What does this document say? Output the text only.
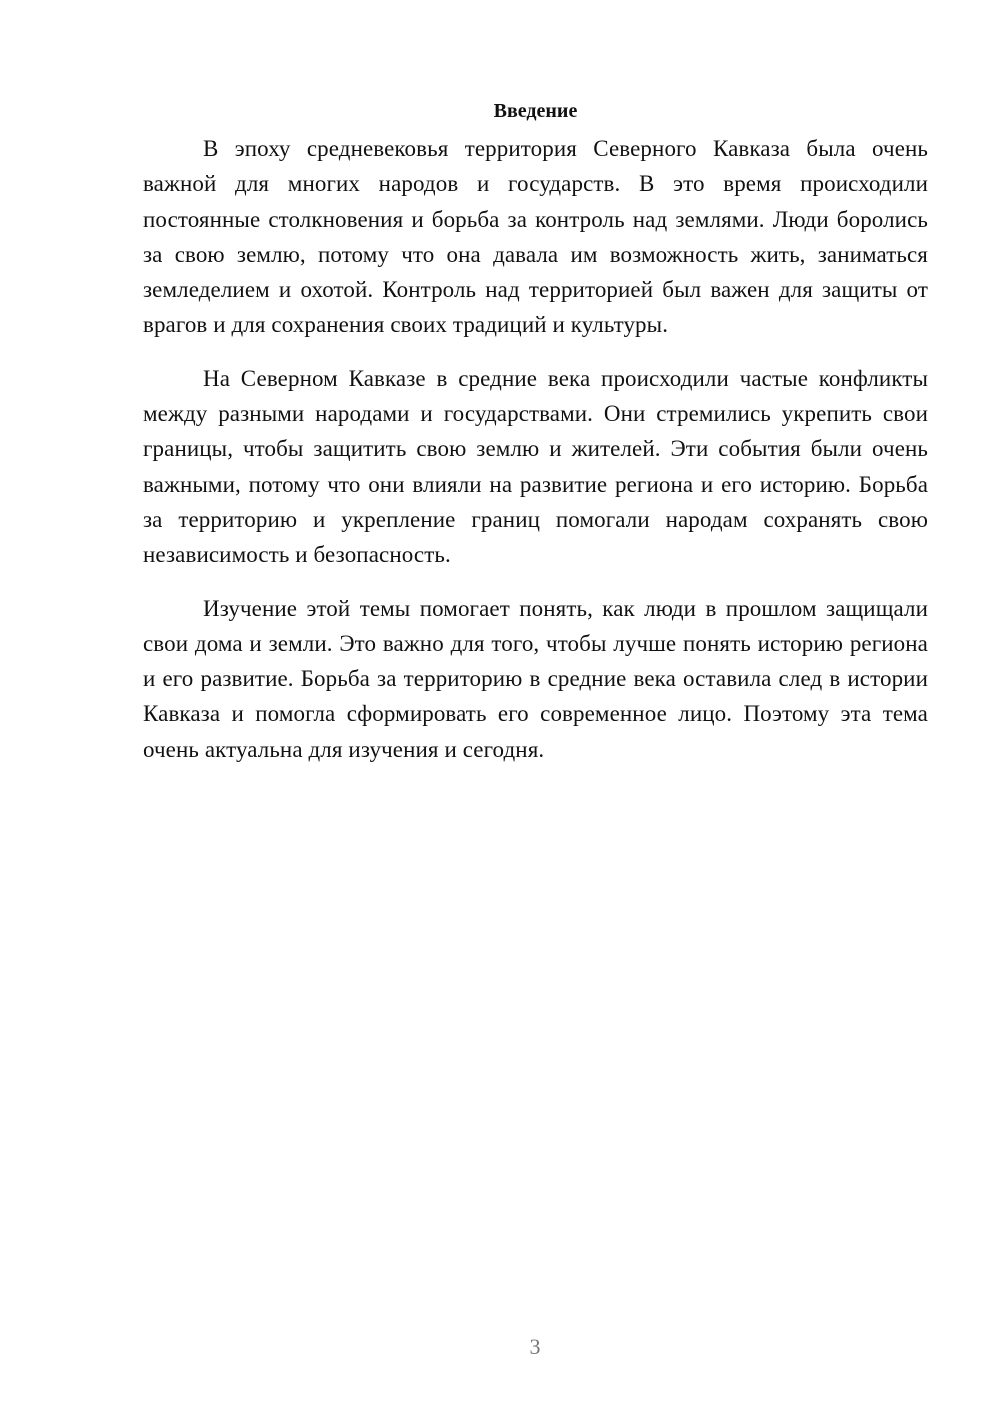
Введение

В эпоху средневековья территория Северного Кавказа была очень важной для многих народов и государств. В это время происходили постоянные столкновения и борьба за контроль над землями. Люди боролись за свою землю, потому что она давала им возможность жить, заниматься земледелием и охотой. Контроль над территорией был важен для защиты от врагов и для сохранения своих традиций и культуры.

На Северном Кавказе в средние века происходили частые конфликты между разными народами и государствами. Они стремились укрепить свои границы, чтобы защитить свою землю и жителей. Эти события были очень важными, потому что они влияли на развитие региона и его историю. Борьба за территорию и укрепление границ помогали народам сохранять свою независимость и безопасность.

Изучение этой темы помогает понять, как люди в прошлом защищали свои дома и земли. Это важно для того, чтобы лучше понять историю региона и его развитие. Борьба за территорию в средние века оставила след в истории Кавказа и помогла сформировать его современное лицо. Поэтому эта тема очень актуальна для изучения и сегодня.

3
